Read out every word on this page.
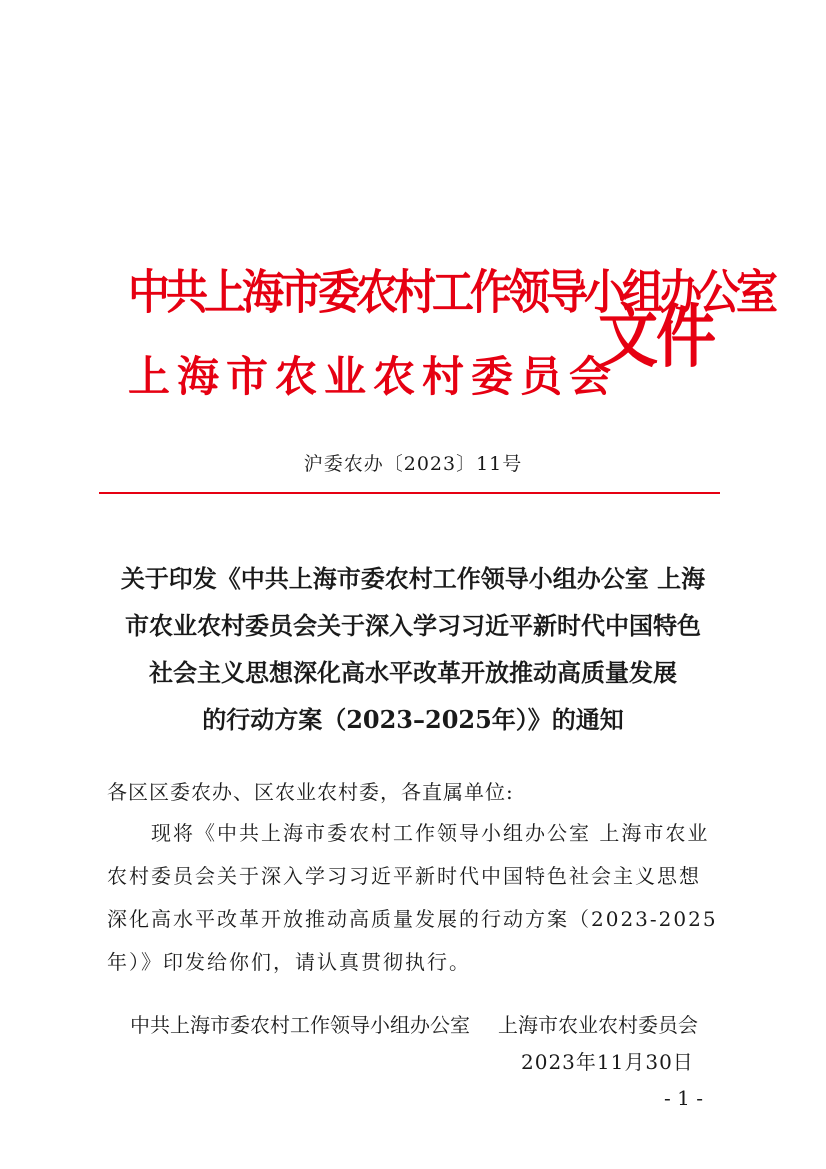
中共上海市委农村工作领导小组办公室
上海市农业农村委员会
文件
沪委农办〔2023〕11号
关于印发《中共上海市委农村工作领导小组办公室 上海
市农业农村委员会关于深入学习习近平新时代中国特色
社会主义思想深化高水平改革开放推动高质量发展
的行动方案（2023–2025年）》的通知
各区区委农办、区农业农村委，各直属单位:
　　现将《中共上海市委农村工作领导小组办公室 上海市农业
农村委员会关于深入学习习近平新时代中国特色社会主义思想
深化高水平改革开放推动高质量发展的行动方案（2023-2025
年）》印发给你们，请认真贯彻执行。
中共上海市委农村工作领导小组办公室 上海市农业农村委员会
2023年11月30日
- 1 -
